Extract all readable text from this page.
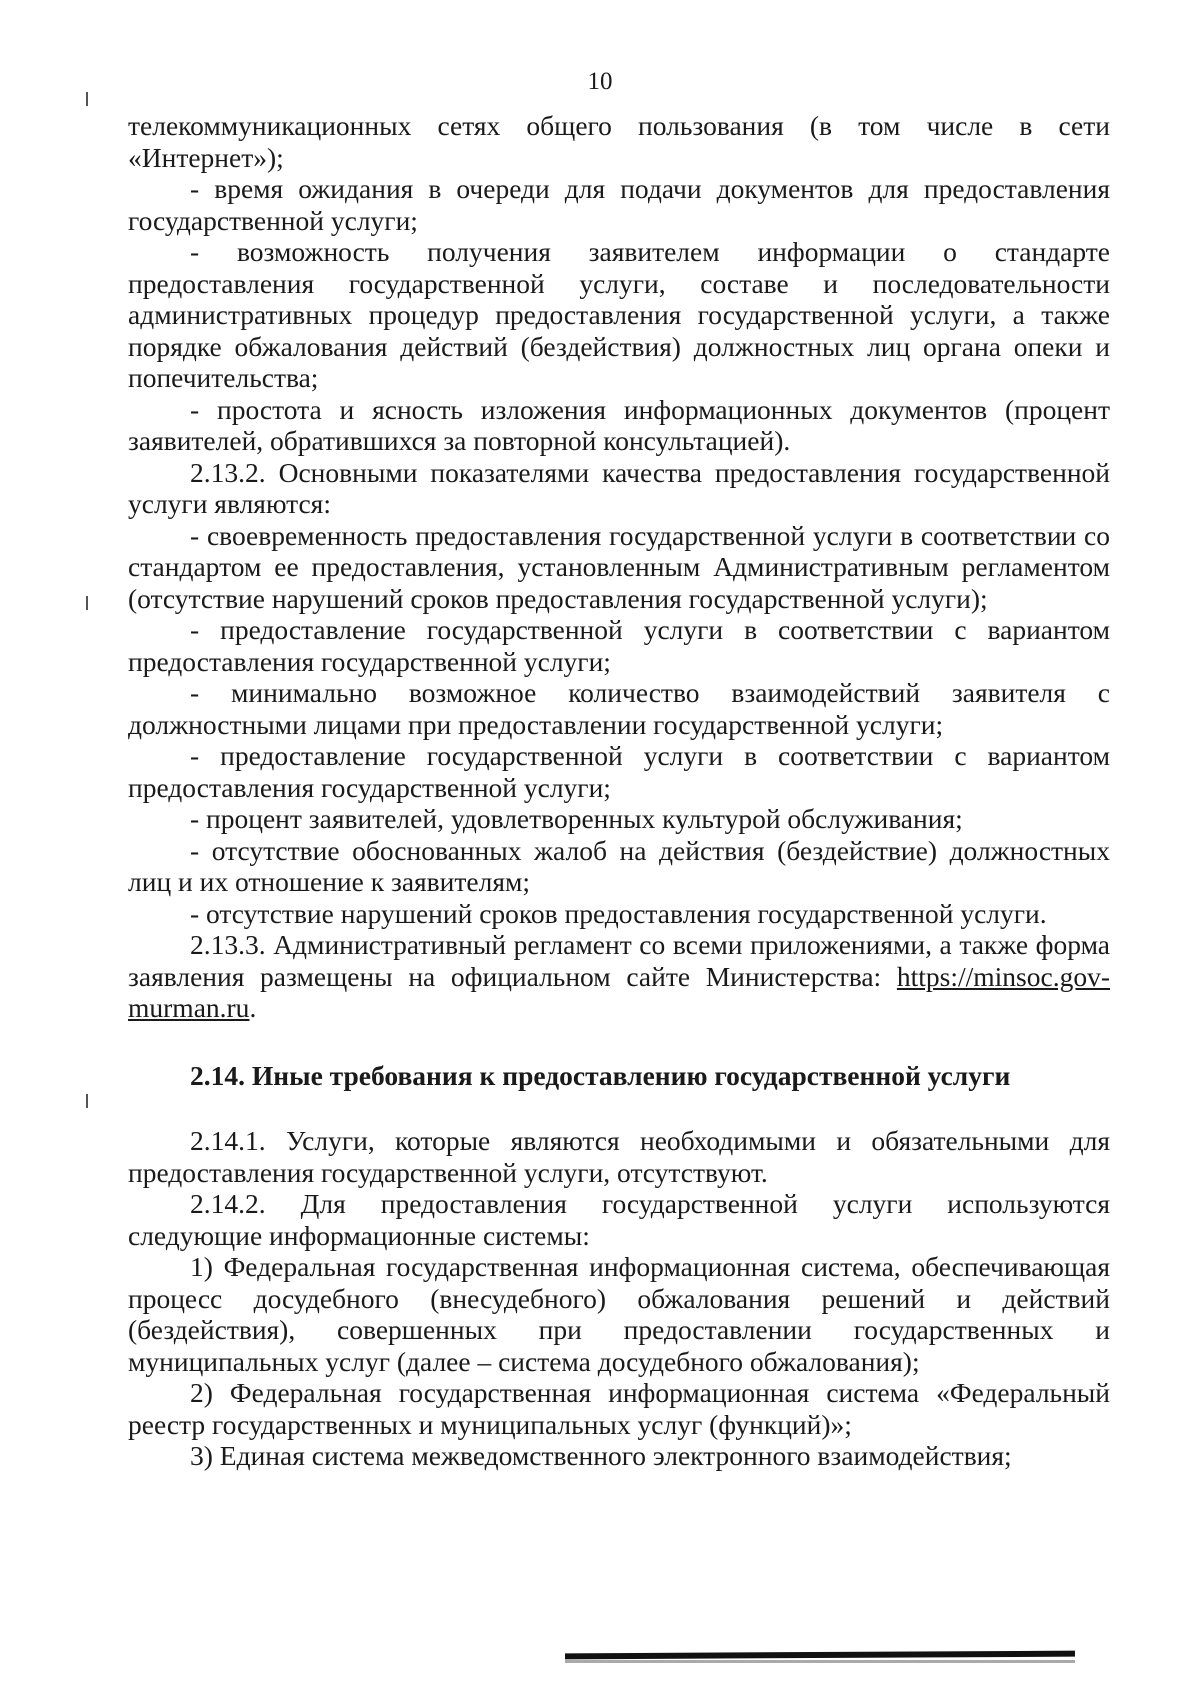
10

телекоммуникационных сетях общего пользования (в том числе в сети «Интернет»);

- время ожидания в очереди для подачи документов для предоставления государственной услуги;

- возможность получения заявителем информации о стандарте предоставления государственной услуги, составе и последовательности административных процедур предоставления государственной услуги, а также порядке обжалования действий (бездействия) должностных лиц органа опеки и попечительства;

- простота и ясность изложения информационных документов (процент заявителей, обратившихся за повторной консультацией).

2.13.2. Основными показателями качества предоставления государственной услуги являются:

- своевременность предоставления государственной услуги в соответствии со стандартом ее предоставления, установленным Административным регламентом (отсутствие нарушений сроков предоставления государственной услуги);

- предоставление государственной услуги в соответствии с вариантом предоставления государственной услуги;

- минимально возможное количество взаимодействий заявителя с должностными лицами при предоставлении государственной услуги;

- предоставление государственной услуги в соответствии с вариантом предоставления государственной услуги;

- процент заявителей, удовлетворенных культурой обслуживания;

- отсутствие обоснованных жалоб на действия (бездействие) должностных лиц и их отношение к заявителям;

- отсутствие нарушений сроков предоставления государственной услуги.

2.13.3. Административный регламент со всеми приложениями, а также форма заявления размещены на официальном сайте Министерства: https://minsoc.gov-murman.ru.

2.14. Иные требования к предоставлению государственной услуги

2.14.1. Услуги, которые являются необходимыми и обязательными для предоставления государственной услуги, отсутствуют.

2.14.2. Для предоставления государственной услуги используются следующие информационные системы:

1) Федеральная государственная информационная система, обеспечивающая процесс досудебного (внесудебного) обжалования решений и действий (бездействия), совершенных при предоставлении государственных и муниципальных услуг (далее – система досудебного обжалования);

2) Федеральная государственная информационная система «Федеральный реестр государственных и муниципальных услуг (функций)»;

3) Единая система межведомственного электронного взаимодействия;
